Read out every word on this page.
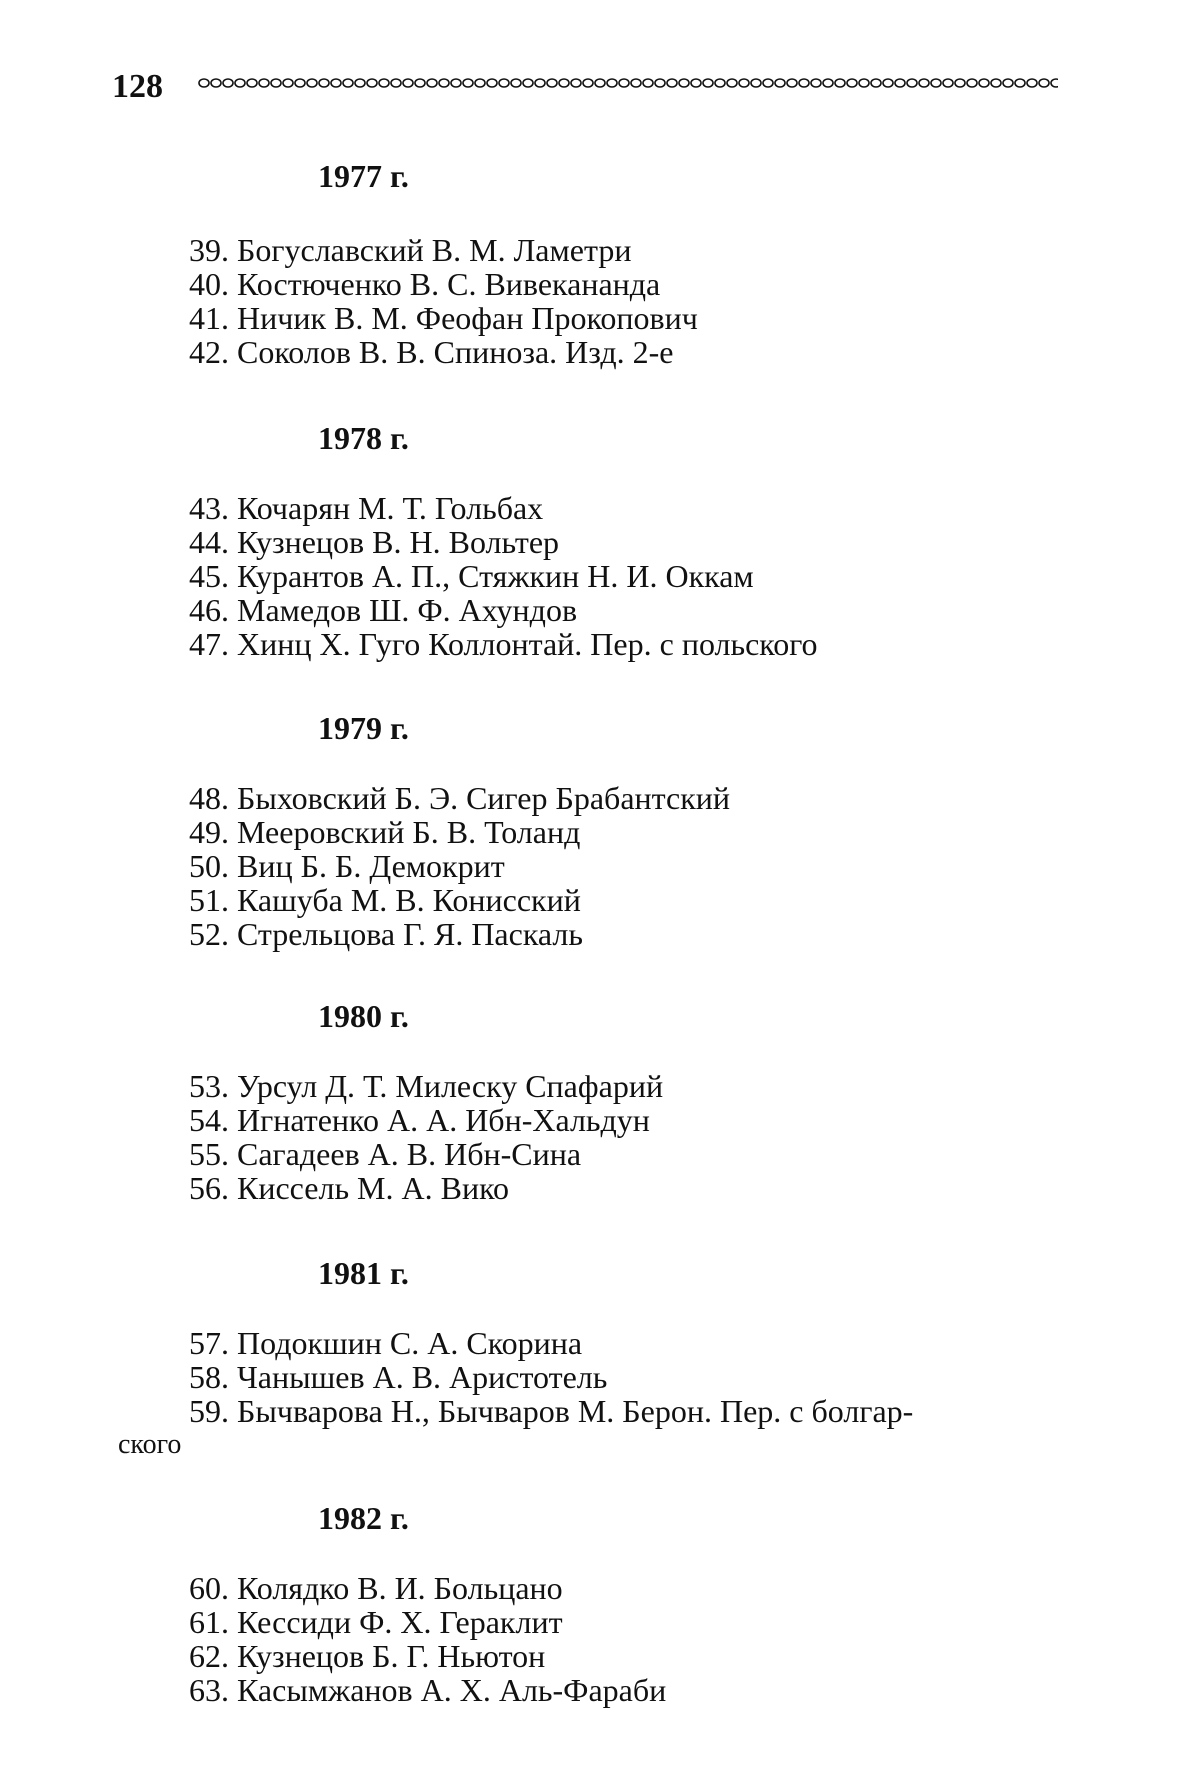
128
1977 г.
39. Богуславский В. М. Ламетри
40. Костюченко В. С. Вивекананда
41. Ничик В. М. Феофан Прокопович
42. Соколов В. В. Спиноза. Изд. 2-е
1978 г.
43. Кочарян М. Т. Гольбах
44. Кузнецов В. Н. Вольтер
45. Курантов А. П., Стяжкин Н. И. Оккам
46. Мамедов Ш. Ф. Ахундов
47. Хинц Х. Гуго Коллонтай. Пер. с польского
1979 г.
48. Быховский Б. Э. Сигер Брабантский
49. Мееровский Б. В. Толанд
50. Виц Б. Б. Демокрит
51. Кашуба М. В. Конисский
52. Стрельцова Г. Я. Паскаль
1980 г.
53. Урсул Д. Т. Милеску Спафарий
54. Игнатенко А. А. Ибн-Хальдун
55. Сагадеев А. В. Ибн-Сина
56. Киссель М. А. Вико
1981 г.
57. Подокшин С. А. Скорина
58. Чанышев А. В. Аристотель
59. Бычварова Н., Бычваров М. Берон. Пер. с болгар-
ского
1982 г.
60. Колядко В. И. Больцано
61. Кессиди Ф. Х. Гераклит
62. Кузнецов Б. Г. Ньютон
63. Касымжанов А. Х. Аль-Фараби
